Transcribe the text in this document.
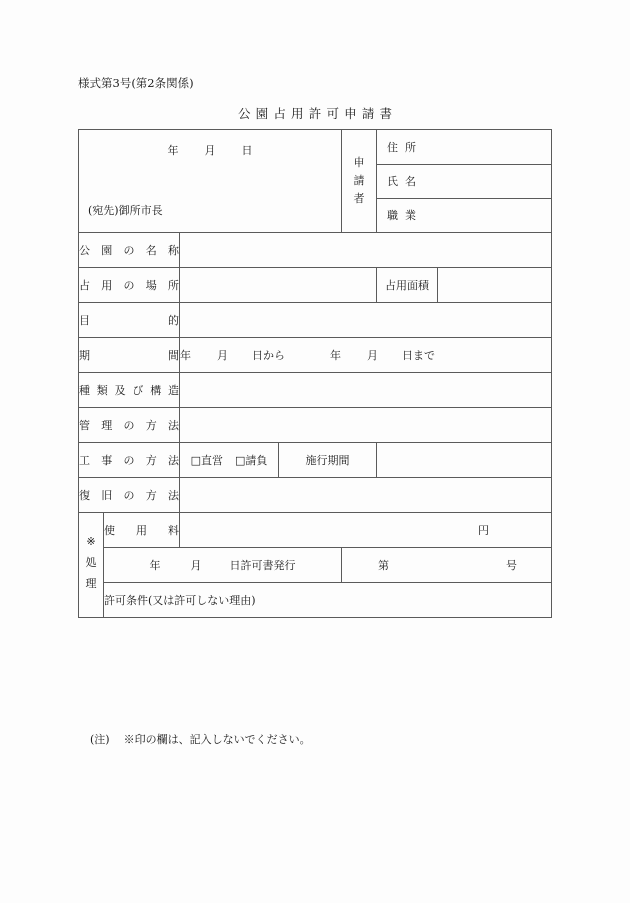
様式第3号(第2条関係)
公園占用許可申請書
年 月 日
(宛先)御所市長

申
請
者

住 所	
氏 名	
職 業	

公園の名称	
占用の場所		占用面積	
目的	
期間	年 月 日から	年 月 日まで
種類及び構造	
管理の方法	
工事の方法	□直営 □請負	施行期間	
復旧の方法	

※
処
理
	使用料	円

年	月	日許可書発行	第	号

許可条件(又は許可しない理由)
(注) ※印の欄は、記入しないでください。
